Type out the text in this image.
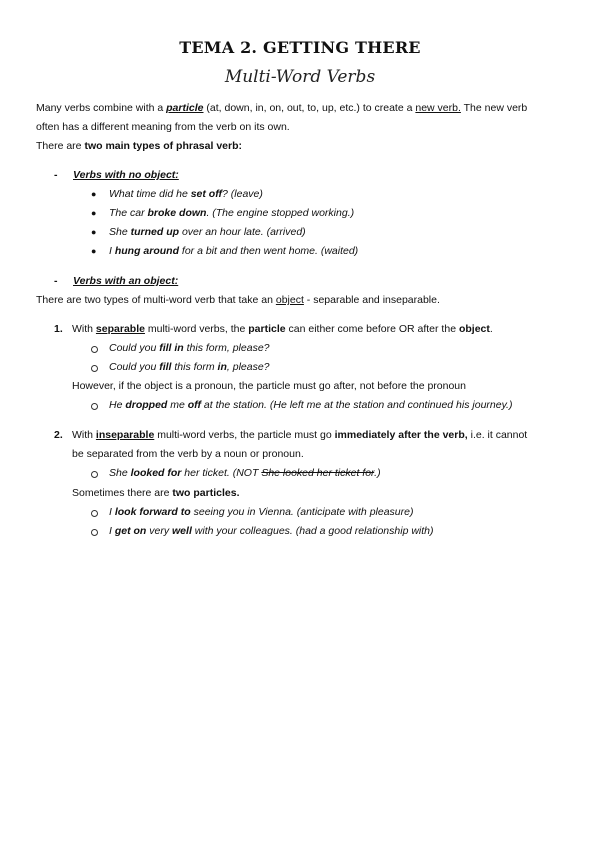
TEMA 2. GETTING THERE
Multi-Word Verbs
Many verbs combine with a particle (at, down, in, on, out, to, up, etc.) to create a new verb. The new verb
often has a different meaning from the verb on its own.
There are two main types of phrasal verb:
- Verbs with no object:
● What time did he set off? (leave)
● The car broke down. (The engine stopped working.)
● She turned up over an hour late. (arrived)
● I hung around for a bit and then went home. (waited)
- Verbs with an object:
There are two types of multi-word verb that take an object - separable and inseparable.
1. With separable multi-word verbs, the particle can either come before OR after the object.
Could you fill in this form, please?
Could you fill this form in, please?
However, if the object is a pronoun, the particle must go after, not before the pronoun
He dropped me off at the station. (He left me at the station and continued his journey.)
2. With inseparable multi-word verbs, the particle must go immediately after the verb, i.e. it cannot
be separated from the verb by a noun or pronoun.
She looked for her ticket. (NOT She looked her ticket for.)
Sometimes there are two particles.
I look forward to seeing you in Vienna. (anticipate with pleasure)
I get on very well with your colleagues. (had a good relationship with)
